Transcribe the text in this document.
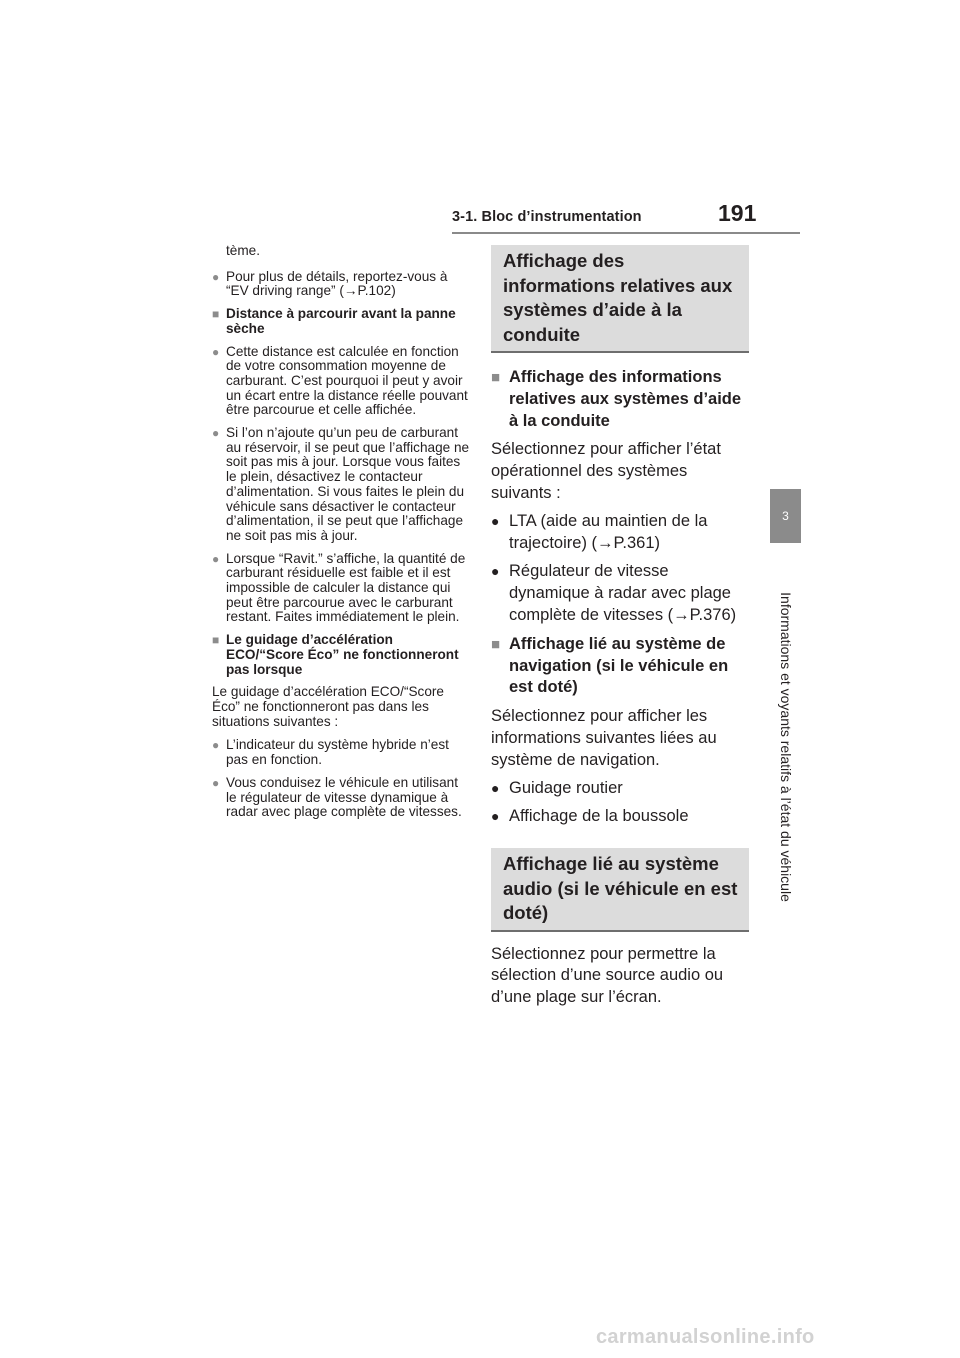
3-1. Bloc d’instrumentation	191
3
Informations et voyants relatifs à l’état du véhicule

tème.

● Pour plus de détails, reportez-vous à “EV driving range” (→P.102)

■ Distance à parcourir avant la panne sèche

● Cette distance est calculée en fonction de votre consommation moyenne de carburant. C’est pourquoi il peut y avoir un écart entre la distance réelle pouvant être parcourue et celle affichée.

● Si l’on n’ajoute qu’un peu de carburant au réservoir, il se peut que l’affichage ne soit pas mis à jour. Lorsque vous faites le plein, désactivez le contacteur d’alimentation. Si vous faites le plein du véhicule sans désactiver le contacteur d’alimentation, il se peut que l’affichage ne soit pas mis à jour.

● Lorsque “Ravit.” s’affiche, la quantité de carburant résiduelle est faible et il est impossible de calculer la distance qui peut être parcourue avec le carburant restant. Faites immédiatement le plein.

■ Le guidage d’accélération ECO/“Score Éco” ne fonctionneront pas lorsque

Le guidage d’accélération ECO/“Score Éco” ne fonctionneront pas dans les situations suivantes :

● L’indicateur du système hybride n’est pas en fonction.

● Vous conduisez le véhicule en utilisant le régulateur de vitesse dynamique à radar avec plage complète de vitesses.

Affichage des informations relatives aux systèmes d’aide à la conduite

■ Affichage des informations relatives aux systèmes d’aide à la conduite

Sélectionnez pour afficher l’état opérationnel des systèmes suivants :

● LTA (aide au maintien de la trajectoire) (→P.361)

● Régulateur de vitesse dynamique à radar avec plage complète de vitesses (→P.376)

■ Affichage lié au système de navigation (si le véhicule en est doté)

Sélectionnez pour afficher les informations suivantes liées au système de navigation.

● Guidage routier

● Affichage de la boussole

Affichage lié au système audio (si le véhicule en est doté)

Sélectionnez pour permettre la sélection d’une source audio ou d’une plage sur l’écran.

carmanualsonline.info
